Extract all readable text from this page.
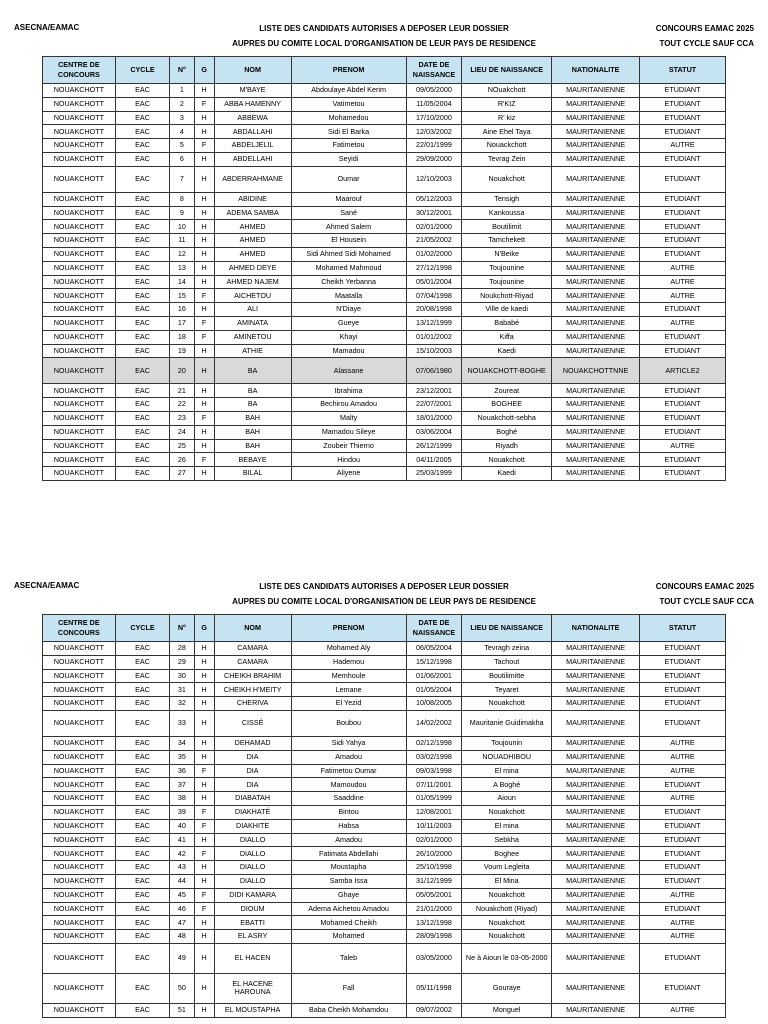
ASECNA/EAMAC	LISTE DES CANDIDATS AUTORISES A DEPOSER LEUR DOSSIER
AUPRES DU COMITE LOCAL D'ORGANISATION DE LEUR PAYS DE RESIDENCE
CONCOURS EAMAC 2025
TOUT CYCLE SAUF CCA
CENTRE DE CONCOURS	CYCLE	N°	G	NOM	PRENOM	DATE DE NAISSANCE	LIEU DE NAISSANCE	NATIONALITE	STATUT
NOUAKCHOTT	EAC	1	H	M'BAYE	Abdoulaye Abdel Kerim	09/05/2000	NOuakchott	MAURITANIENNE	ETUDIANT
NOUAKCHOTT	EAC	2	F	ABBA HAMENNY	Vatimetou	11/05/2004	R'KIZ	MAURITANIENNE	ETUDIANT
NOUAKCHOTT	EAC	3	H	ABBEWA	Mohamedou	17/10/2000	R' kiz	MAURITANIENNE	ETUDIANT
NOUAKCHOTT	EAC	4	H	ABDALLAHI	Sidi El Barka	12/03/2002	Aine Ehel Taya	MAURITANIENNE	ETUDIANT
NOUAKCHOTT	EAC	5	F	ABDELJELIL	Fatimetou	22/01/1999	Nouackchott	MAURITANIENNE	AUTRE
NOUAKCHOTT	EAC	6	H	ABDELLAHI	Seyidi	29/09/2000	Tevrag Zein	MAURITANIENNE	ETUDIANT
NOUAKCHOTT	EAC	7	H	ABDERRAHMANE	Oumar	12/10/2003	Nouakchott	MAURITANIENNE	ETUDIANT
NOUAKCHOTT	EAC	8	H	ABIDINE	Maarouf	05/12/2003	Tensigh	MAURITANIENNE	ETUDIANT
NOUAKCHOTT	EAC	9	H	ADEMA SAMBA	Sané	30/12/2001	Kankoussa	MAURITANIENNE	ETUDIANT
NOUAKCHOTT	EAC	10	H	AHMED	Ahmed Salem	02/01/2000	Boutilimit	MAURITANIENNE	ETUDIANT
NOUAKCHOTT	EAC	11	H	AHMED	El Housein	21/05/2002	Tamchekett	MAURITANIENNE	ETUDIANT
NOUAKCHOTT	EAC	12	H	AHMED	Sidi Ahmed Sidi Mohamed	01/02/2000	N'Beike	MAURITANIENNE	ETUDIANT
NOUAKCHOTT	EAC	13	H	AHMED DEYE	Mohamed Mahmoud	27/12/1998	Toujounine	MAURITANIENNE	AUTRE
NOUAKCHOTT	EAC	14	H	AHMED NAJEM	Cheikh Yerbanna	05/01/2004	Toujounine	MAURITANIENNE	AUTRE
NOUAKCHOTT	EAC	15	F	AICHETOU	Maatalla	07/04/1998	Noukchott-Riyad	MAURITANIENNE	AUTRE
NOUAKCHOTT	EAC	16	H	ALI	N'Diaye	20/08/1998	Ville de kaedi	MAURITANIENNE	ETUDIANT
NOUAKCHOTT	EAC	17	F	AMINATA	Gueye	13/12/1999	Bababé	MAURITANIENNE	AUTRE
NOUAKCHOTT	EAC	18	F	AMINETOU	Khayi	01/01/2002	Kiffa	MAURITANIENNE	ETUDIANT
NOUAKCHOTT	EAC	19	H	ATHIE	Mamadou	15/10/2003	Kaedi	MAURITANIENNE	ETUDIANT
NOUAKCHOTT	EAC	20	H	BA	Alassane	07/06/1980	NOUAKCHOTT-BOGHE	NOUAKCHOTTNNE	ARTICLE2
NOUAKCHOTT	EAC	21	H	BA	Ibrahima	23/12/2001	Zoureat	MAURITANIENNE	ETUDIANT
NOUAKCHOTT	EAC	22	H	BA	Bechirou Amadou	22/07/2001	BOGHEE	MAURITANIENNE	ETUDIANT
NOUAKCHOTT	EAC	23	F	BAH	Malty	18/01/2000	Nouakchott-sebha	MAURITANIENNE	ETUDIANT
NOUAKCHOTT	EAC	24	H	BAH	Mamadou Sileye	03/06/2004	Boghé	MAURITANIENNE	ETUDIANT
NOUAKCHOTT	EAC	25	H	BAH	Zoubeir Thierno	26/12/1999	Riyadh	MAURITANIENNE	AUTRE
NOUAKCHOTT	EAC	26	F	BEBAYE	Hindou	04/11/2005	Nouakchott	MAURITANIENNE	ETUDIANT
NOUAKCHOTT	EAC	27	H	BILAL	Aliyene	25/03/1999	Kaedi	MAURITANIENNE	ETUDIANT
ASECNA/EAMAC	LISTE DES CANDIDATS AUTORISES A DEPOSER LEUR DOSSIER
AUPRES DU COMITE LOCAL D'ORGANISATION DE LEUR PAYS DE RESIDENCE
CONCOURS EAMAC 2025
TOUT CYCLE SAUF CCA
CENTRE DE CONCOURS	CYCLE	N°	G	NOM	PRENOM	DATE DE NAISSANCE	LIEU DE NAISSANCE	NATIONALITE	STATUT
NOUAKCHOTT	EAC	28	H	CAMARA	Mohamed Aly	06/05/2004	Tevragh zeina	MAURITANIENNE	ETUDIANT
NOUAKCHOTT	EAC	29	H	CAMARA	Hademou	15/12/1998	Tachout	MAURITANIENNE	ETUDIANT
NOUAKCHOTT	EAC	30	H	CHEIKH BRAHIM	Memhoule	01/06/2001	Boutilimitte	MAURITANIENNE	ETUDIANT
NOUAKCHOTT	EAC	31	H	CHEIKH H'MEITY	Lemane	01/05/2004	Teyaret	MAURITANIENNE	ETUDIANT
NOUAKCHOTT	EAC	32	H	CHERIVA	El Yezid	10/08/2005	Nouakchott	MAURITANIENNE	ETUDIANT
NOUAKCHOTT	EAC	33	H	CISSÉ	Boubou	14/02/2002	Mauritanie Guidimakha	MAURITANIENNE	ETUDIANT
NOUAKCHOTT	EAC	34	H	DEHAMAD	Sidi Yahya	02/12/1998	Toujounin	MAURITANIENNE	AUTRE
NOUAKCHOTT	EAC	35	H	DIA	Amadou	03/02/1998	NOUADHIBOU	MAURITANIENNE	AUTRE
NOUAKCHOTT	EAC	36	F	DIA	Fatimetou Oumar	09/03/1998	El mina	MAURITANIENNE	AUTRE
NOUAKCHOTT	EAC	37	H	DIA	Mamoudou	07/11/2001	A Boghé	MAURITANIENNE	ETUDIANT
NOUAKCHOTT	EAC	38	H	DIABATAH	Saaddine	01/05/1999	Aioun	MAURITANIENNE	AUTRE
NOUAKCHOTT	EAC	39	F	DIAKHATÉ	Bintou	12/08/2001	Nouakchott	MAURITANIENNE	ETUDIANT
NOUAKCHOTT	EAC	40	F	DIAKHITE	Habsa	10/11/2003	El mina	MAURITANIENNE	ETUDIANT
NOUAKCHOTT	EAC	41	H	DIALLO	Amadou	02/01/2000	Sebkha	MAURITANIENNE	ETUDIANT
NOUAKCHOTT	EAC	42	F	DIALLO	Fatimata Abdellahi	26/10/2000	Boghee	MAURITANIENNE	ETUDIANT
NOUAKCHOTT	EAC	43	H	DIALLO	Moustapha	25/10/1998	Voum Legleita	MAURITANIENNE	ETUDIANT
NOUAKCHOTT	EAC	44	H	DIALLO	Samba Issa	31/12/1999	El Mina	MAURITANIENNE	ETUDIANT
NOUAKCHOTT	EAC	45	F	DIDI KAMARA	Ghaye	05/05/2001	Nouakchott	MAURITANIENNE	AUTRE
NOUAKCHOTT	EAC	46	F	DIOUM	Adema Aichetou Amadou	21/01/2000	Nouakchott (Riyad)	MAURITANIENNE	ETUDIANT
NOUAKCHOTT	EAC	47	H	EBATTI	Mohamed Cheikh	13/12/1998	Nouakchott	MAURITANIENNE	AUTRE
NOUAKCHOTT	EAC	48	H	EL ASRY	Mohamed	28/09/1998	Nouakchott	MAURITANIENNE	AUTRE
NOUAKCHOTT	EAC	49	H	EL HACEN	Taleb	03/05/2000	Ne à Aioun le 03-05-2000	MAURITANIENNE	ETUDIANT
NOUAKCHOTT	EAC	50	H	EL HACENE HAROUNA	Fall	05/11/1998	Gouraye	MAURITANIENNE	ETUDIANT
NOUAKCHOTT	EAC	51	H	EL MOUSTAPHA	Baba Cheikh Mohamdou	09/07/2002	Monguel	MAURITANIENNE	AUTRE
